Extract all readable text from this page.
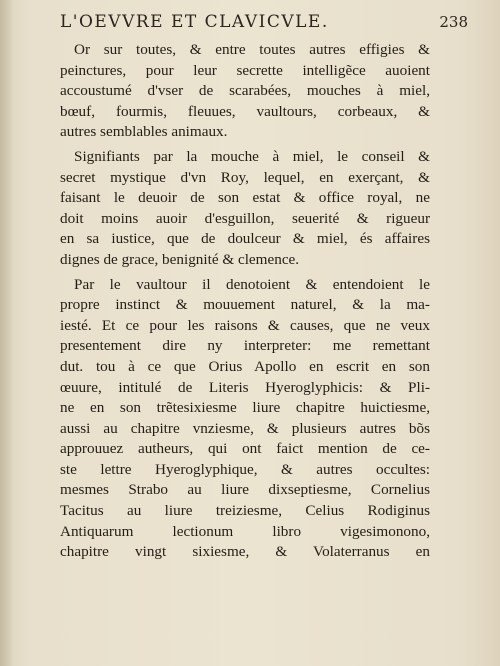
L'OEVVRE ET CLAVICVLE.	238
Or sur toutes, & entre toutes autres effigies &
peinctures, pour leur secrette intelligẽce auoient
accoustumé d'vser de scarabées, mouches à miel,
bœuf, fourmis, fleuues, vaultours, corbeaux, &
autres semblables animaux.
Signifiants par la mouche à miel, le conseil &
secret mystique d'vn Roy, lequel, en exerçant, &
faisant le deuoir de son estat & office royal, ne
doit moins auoir d'esguillon, seuerité & rigueur
en sa iustice, que de doulceur & miel, és affaires
dignes de grace, benignité & clemence.
Par le vaultour il denotoient & entendoient le
propre instinct & mouuement naturel, & la ma-
iesté. Et ce pour les raisons & causes, que ne veux
presentement dire ny interpreter: me remettant
dut. tou à ce que Orius Apollo en escrit en son
œuure, intitulé de Literis Hyeroglyphicis: & Pli-
ne en son trẽtesixiesme liure chapitre huictiesme,
aussi au chapitre vnziesme, & plusieurs autres bõs
approuuez autheurs, qui ont faict mention de ce-
ste lettre Hyeroglyphique, & autres occultes:
mesmes Strabo au liure dixseptiesme, Cornelius
Tacitus au liure treiziesme, Celius Rodiginus
Antiquarum lectionum libro vigesimonono,
chapitre vingt sixiesme, & Volaterranus en
